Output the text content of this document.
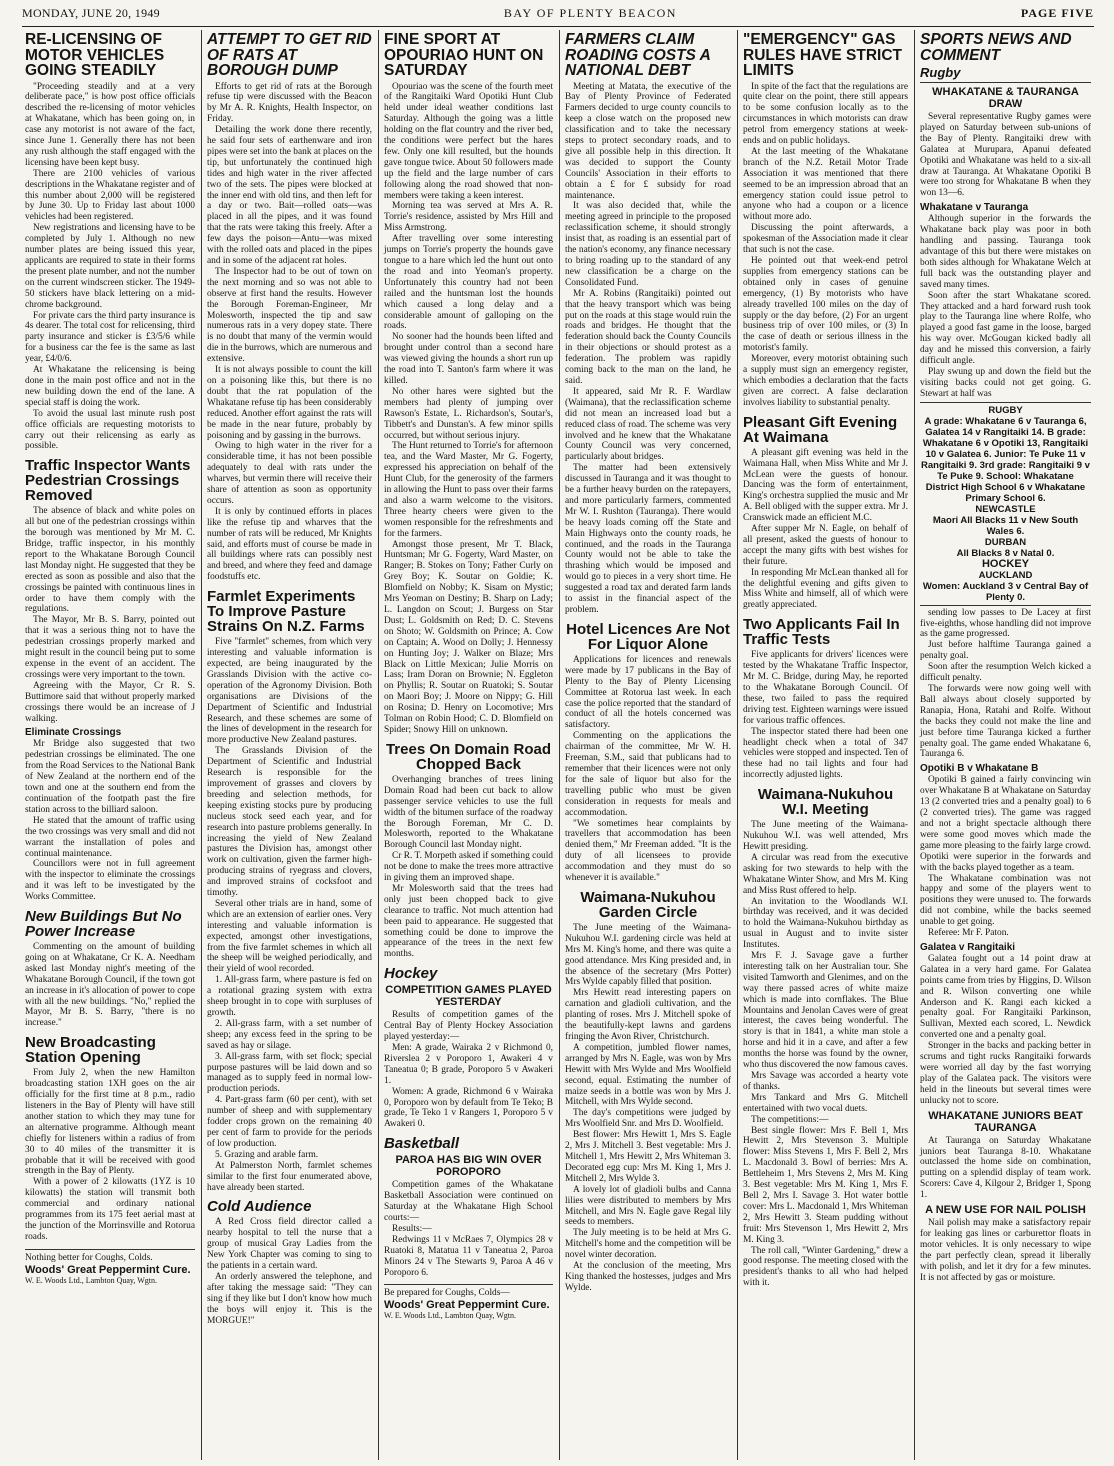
MONDAY, JUNE 20, 1949	BAY OF PLENTY BEACON	PAGE FIVE
RE-LICENSING OF MOTOR VEHICLES GOING STEADILY

"Proceeding steadily and at a very deliberate pace," is how post office officials described the re-licensing of motor vehicles at Whakatane, which has been going on, in case any motorist is not aware of the fact, since June 1. Generally there has not been any rush although the staff engaged with the licensing have been kept busy.

There are 2100 vehicles of various descriptions in the Whakatane register and of this number about 2,000 will be registered by June 30. Up to Friday last about 1000 vehicles had been registered.

New registrations and licensing have to be completed by July 1. Although no new number plates are being issued this year, applicants are required to state in their forms the present plate number, and not the number on the current windscreen sticker. The 1949-50 stickers have black lettering on a mid-chrome background.

For private cars the third party insurance is 4s dearer. The total cost for relicensing, third party insurance and sticker is £3/5/6 while for a business car the fee is the same as last year, £4/0/6.

At Whakatane the relicensing is being done in the main post office and not in the new building down the end of the lane. A special staff is doing the work.

To avoid the usual last minute rush post office officials are requesting motorists to carry out their relicensing as early as possible.

Traffic Inspector Wants Pedestrian Crossings Removed

The absence of black and white poles on all but one of the pedestrian crossings within the borough was mentioned by Mr M. C. Bridge, traffic inspector, in his monthly report to the Whakatane Borough Council last Monday night. He suggested that they be erected as soon as possible and also that the crossings be painted with continuous lines in order to have them comply with the regulations.

The Mayor, Mr B. S. Barry, pointed out that it was a serious thing not to have the pedestrian crossings properly marked and might result in the council being put to some expense in the event of an accident. The crossings were very important to the town.

Agreeing with the Mayor, Cr R. S. Buttimore said that without properly marked crossings there would be an increase of J walking.

Eliminate Crossings

Mr Bridge also suggested that two pedestrian crossings be eliminated. The one from the Road Services to the National Bank of New Zealand at the northern end of the town and one at the southern end from the continuation of the footpath past the fire station across to the billiard saloon.

He stated that the amount of traffic using the two crossings was very small and did not warrant the installation of poles and continual maintenance.

Councillors were not in full agreement with the inspector to eliminate the crossings and it was left to be investigated by the Works Committee.

New Buildings But No Power Increase

Commenting on the amount of building going on at Whakatane, Cr K. A. Needham asked last Monday night's meeting of the Whakatane Borough Council, if the town got an increase in it's allocation of power to cope with all the new buildings. "No," replied the Mayor, Mr B. S. Barry, "there is no increase."

New Broadcasting Station Opening

From July 2, when the new Hamilton broadcasting station 1XH goes on the air officially for the first time at 8 p.m., radio listeners in the Bay of Plenty will have still another station to which they may tune for an alternative programme. Although meant chiefly for listeners within a radius of from 30 to 40 miles of the transmitter it is probable that it will be received with good strength in the Bay of Plenty.

With a power of 2 kilowatts (1YZ is 10 kilowatts) the station will transmit both commercial and ordinary national programmes from its 175 feet aerial mast at the junction of the Morrinsville and Rotorua roads.

Nothing better for Coughs, Colds.
Woods' Great Peppermint Cure.
W. E. Woods Ltd., Lambton Quay, Wgtn.
ATTEMPT TO GET RID OF RATS AT BOROUGH DUMP

Efforts to get rid of rats at the Borough refuse tip were discussed with the Beacon by Mr A. R. Knights, Health Inspector, on Friday.

Detailing the work done there recently, he said four sets of earthenware and iron pipes were set into the bank at places on the tip, but unfortunately the continued high tides and high water in the river affected two of the sets. The pipes were blocked at the inner end with old tins, and then left for a day or two. Bait—rolled oats—was placed in all the pipes, and it was found that the rats were taking this freely. After a few days the poison—Antu—was mixed with the rolled oats and placed in the pipes and in some of the adjacent rat holes.

The Inspector had to be out of town on the next morning and so was not able to observe at first hand the results. However the Borough Foreman-Engineer, Mr Molesworth, inspected the tip and saw numerous rats in a very dopey state. There is no doubt that many of the vermin would die in the burrows, which are numerous and extensive.

It is not always possible to count the kill on a poisoning like this, but there is no doubt that the rat population of the Whakatane refuse tip has been considerably reduced. Another effort against the rats will be made in the near future, probably by poisoning and by gassing in the burrows.

Owing to high water in the river for a considerable time, it has not been possible adequately to deal with rats under the wharves, but vermin there will receive their share of attention as soon as opportunity occurs.

It is only by continued efforts in places like the refuse tip and wharves that the number of rats will be reduced, Mr Knights said, and efforts must of course be made in all buildings where rats can possibly nest and breed, and where they feed and damage foodstuffs etc.

Farmlet Experiments To Improve Pasture Strains On N.Z. Farms

Five "farmlet" schemes, from which very interesting and valuable information is expected, are being inaugurated by the Grasslands Division with the active co-operation of the Agronomy Division. Both organisations are Divisions of the Department of Scientific and Industrial Research, and these schemes are some of the lines of development in the research for more productive New Zealand pastures.

The Grasslands Division of the Department of Scientific and Industrial Research is responsible for the improvement of grasses and clovers by breeding and selection methods, for keeping existing stocks pure by producing nucleus stock seed each year, and for research into pasture problems generally. In increasing the yield of New Zealand pastures the Division has, amongst other work on cultivation, given the farmer high-producing strains of ryegrass and clovers, and improved strains of cocksfoot and timothy.

Several other trials are in hand, some of which are an extension of earlier ones. Very interesting and valuable information is expected, amongst other investigations, from the five farmlet schemes in which all the sheep will be weighed periodically, and their yield of wool recorded.

1. All-grass farm, where pasture is fed on a rotational grazing system with extra sheep brought in to cope with surpluses of growth.

2. All-grass farm, with a set number of sheep; any excess feed in the spring to be saved as hay or silage.

3. All-grass farm, with set flock; special purpose pastures will be laid down and so managed as to supply feed in normal low-production periods.

4. Part-grass farm (60 per cent), with set number of sheep and with supplementary fodder crops grown on the remaining 40 per cent of farm to provide for the periods of low production.

5. Grazing and arable farm.

At Palmerston North, farmlet schemes similar to the first four enumerated above, have already been started.

Cold Audience

A Red Cross field director called a nearby hospital to tell the nurse that a group of musical Gray Ladies from the New York Chapter was coming to sing to the patients in a certain ward.

An orderly answered the telephone, and after taking the message said: "They can sing if they like but I don't know how much the boys will enjoy it. This is the MORGUE!"

FINE SPORT AT OPOURIAO HUNT ON SATURDAY

Opouriao was the scene of the fourth meet of the Rangitaiki Ward Opotiki Hunt Club held under ideal weather conditions last Saturday. Although the going was a little holding on the flat country and the river bed, the conditions were perfect but the hares few. Only one kill resulted, but the hounds gave tongue twice. About 50 followers made up the field and the large number of cars following along the road showed that non-members were taking a keen interest.

Morning tea was served at Mrs A. R. Torrie's residence, assisted by Mrs Hill and Miss Armstrong.

After travelling over some interesting jumps on Torrie's property the hounds gave tongue to a hare which led the hunt out onto the road and into Yeoman's property. Unfortunately this country had not been railed and the huntsman lost the hounds which caused a long delay and a considerable amount of galloping on the roads.

No sooner had the hounds been lifted and brought under control than a second hare was viewed giving the hounds a short run up the road into T. Santon's farm where it was killed.

No other hares were sighted but the members had plenty of jumping over Rawson's Estate, L. Richardson's, Soutar's, Tibbett's and Dunstan's. A few minor spills occurred, but without serious injury.

The Hunt returned to Torrie's for afternoon tea, and the Ward Master, Mr G. Fogerty, expressed his appreciation on behalf of the Hunt Club, for the generosity of the farmers in allowing the Hunt to pass over their farms and also a warm welcome to the visitors. Three hearty cheers were given to the women responsible for the refreshments and for the farmers.

Amongst those present, Mr T. Black, Huntsman; Mr G. Fogerty, Ward Master, on Ranger; B. Stokes on Tony; Father Curly on Grey Boy; K. Soutar on Goldie; K. Blomfield on Nobby; K. Sisam on Mystic; Mrs Yeoman on Destiny; B. Sharp on Lady; L. Langdon on Scout; J. Burgess on Star Dust; L. Goldsmith on Red; D. C. Stevens on Shoto; W. Goldsmith on Prince; A. Cow on Captain; A. Wood on Dolly; J. Hennessy on Hunting Joy; J. Walker on Blaze; Mrs Black on Little Mexican; Julie Morris on Lass; Iram Doran on Brownie; N. Eggleton on Phyllis; R. Soutar on Ruatoki; S. Soutar on Maori Boy; J. Moore on Nippy; G. Hill on Rosina; D. Henry on Locomotive; Mrs Tolman on Robin Hood; C. D. Blomfield on Spider; Snowy Hill on unknown.

Trees On Domain Road Chopped Back

Overhanging branches of trees lining Domain Road had been cut back to allow passenger service vehicles to use the full width of the bitumen surface of the roadway the Borough Foreman, Mr C. D. Molesworth, reported to the Whakatane Borough Council last Monday night.

Cr R. T. Morpeth asked if something could not be done to make the trees more attractive in giving them an improved shape.

Mr Molesworth said that the trees had only just been chopped back to give clearance to traffic. Not much attention had been paid to appearance. He suggested that something could be done to improve the appearance of the trees in the next few months.

Hockey
COMPETITION GAMES PLAYED YESTERDAY

Results of competition games of the Central Bay of Plenty Hockey Association played yesterday:—

Men: A grade, Wairaka 2 v Richmond 0, Riverslea 2 v Poroporo 1, Awakeri 4 v Taneatua 0; B grade, Poroporo 5 v Awakeri 1.

Women: A grade, Richmond 6 v Wairaka 0, Poroporo won by default from Te Teko; B grade, Te Teko 1 v Rangers 1, Poroporo 5 v Awakeri 0.

Basketball
PAROA HAS BIG WIN OVER POROPORO

Competition games of the Whakatane Basketball Association were continued on Saturday at the Whakatane High School courts:—

Results:—

Redwings 11 v McRaes 7, Olympics 28 v Ruatoki 8, Matatua 11 v Taneatua 2, Paroa Minors 24 v The Stewarts 9, Paroa A 46 v Poroporo 6.

Be prepared for Coughs, Colds—
Woods' Great Peppermint Cure.
W. E. Woods Ltd., Lambton Quay, Wgtn.
FARMERS CLAIM ROADING COSTS A NATIONAL DEBT

Meeting at Matata, the executive of the Bay of Plenty Province of Federated Farmers decided to urge county councils to keep a close watch on the proposed new classification and to take the necessary steps to protect secondary roads, and to give all possible help in this direction. It was decided to support the County Councils' Association in their efforts to obtain a £ for £ subsidy for road maintenance.

It was also decided that, while the meeting agreed in principle to the proposed reclassification scheme, it should strongly insist that, as roading is an essential part of the nation's economy, any finance necessary to bring roading up to the standard of any new classification be a charge on the Consolidated Fund.

Mr A. Robins (Rangitaiki) pointed out that the heavy transport which was being put on the roads at this stage would ruin the roads and bridges. He thought that the federation should back the County Councils in their objections or should protest as a federation. The problem was rapidly coming back to the man on the land, he said.

It appeared, said Mr R. F. Wardlaw (Waimana), that the reclassification scheme did not mean an increased load but a reduced class of road. The scheme was very involved and he knew that the Whakatane County Council was very concerned, particularly about bridges.

The matter had been extensively discussed in Tauranga and it was thought to be a further heavy burden on the ratepayers, and more particularly farmers, commented Mr W. I. Rushton (Tauranga). There would be heavy loads coming off the State and Main Highways onto the county roads, he continued, and the roads in the Tauranga County would not be able to take the thrashing which would be imposed and would go to pieces in a very short time. He suggested a road tax and derated farm lands to assist in the financial aspect of the problem.

Hotel Licences Are Not For Liquor Alone

Applications for licences and renewals were made by 17 publicans in the Bay of Plenty to the Bay of Plenty Licensing Committee at Rotorua last week. In each case the police reported that the standard of conduct of all the hotels concerned was satisfactory.

Commenting on the applications the chairman of the committee, Mr W. H. Freeman, S.M., said that publicans had to remember that their licences were not only for the sale of liquor but also for the travelling public who must be given consideration in requests for meals and accommodation.

"We sometimes hear complaints by travellers that accommodation has been denied them," Mr Freeman added. "It is the duty of all licensees to provide accommodation and they must do so whenever it is available."

Waimana-Nukuhou Garden Circle

The June meeting of the Waimana-Nukuhou W.I. gardening circle was held at Mrs M. King's home, and there was quite a good attendance. Mrs King presided and, in the absence of the secretary (Mrs Potter) Mrs Wylde capably filled that position.

Mrs Hewitt read interesting papers on carnation and gladioli cultivation, and the planting of roses. Mrs J. Mitchell spoke of the beautifully-kept lawns and gardens fringing the Avon River, Christchurch.

A competition, jumbled flower names, arranged by Mrs N. Eagle, was won by Mrs Hewitt with Mrs Wylde and Mrs Woolfield second, equal. Estimating the number of maize seeds in a bottle was won by Mrs J. Mitchell, with Mrs Wylde second.

The day's competitions were judged by Mrs Woolfield Snr. and Mrs D. Woolfield.

Best flower: Mrs Hewitt 1, Mrs S. Eagle 2, Mrs J. Mitchell 3. Best vegetable: Mrs J. Mitchell 1, Mrs Hewitt 2, Mrs Whiteman 3. Decorated egg cup: Mrs M. King 1, Mrs J. Mitchell 2, Mrs Wylde 3.

A lovely lot of gladioli bulbs and Canna lilies were distributed to members by Mrs Mitchell, and Mrs N. Eagle gave Regal lily seeds to members.

The July meeting is to be held at Mrs G. Mitchell's home and the competition will be novel winter decoration.

At the conclusion of the meeting, Mrs King thanked the hostesses, judges and Mrs Wylde.

"EMERGENCY" GAS RULES HAVE STRICT LIMITS

In spite of the fact that the regulations are quite clear on the point, there still appears to be some confusion locally as to the circumstances in which motorists can draw petrol from emergency stations at week-ends and on public holidays.

At the last meeting of the Whakatane branch of the N.Z. Retail Motor Trade Association it was mentioned that there seemed to be an impression abroad that an emergency station could issue petrol to anyone who had a coupon or a licence without more ado.

Discussing the point afterwards, a spokesman of the Association made it clear that such is not the case.

He pointed out that week-end petrol supplies from emergency stations can be obtained only in cases of genuine emergency, (1) By motorists who have already travelled 100 miles on the day of supply or the day before, (2) For an urgent business trip of over 100 miles, or (3) In the case of death or serious illness in the motorist's family.

Moreover, every motorist obtaining such a supply must sign an emergency register, which embodies a declaration that the facts given are correct. A false declaration involves liability to substantial penalty.

Pleasant Gift Evening At Waimana

A pleasant gift evening was held in the Waimana Hall, when Miss White and Mr J. McLean were the guests of honour. Dancing was the form of entertainment, King's orchestra supplied the music and Mr A. Bell obliged with the supper extra. Mr J. Cranswick made an efficient M.C.

After supper Mr N. Eagle, on behalf of all present, asked the guests of honour to accept the many gifts with best wishes for their future.

In responding Mr McLean thanked all for the delightful evening and gifts given to Miss White and himself, all of which were greatly appreciated.

Two Applicants Fail In Traffic Tests

Five applicants for drivers' licences were tested by the Whakatane Traffic Inspector, Mr M. C. Bridge, during May, he reported to the Whakatane Borough Council. Of these, two failed to pass the required driving test. Eighteen warnings were issued for various traffic offences.

The inspector stated there had been one headlight check when a total of 347 vehicles were stopped and inspected. Ten of these had no tail lights and four had incorrectly adjusted lights.

Waimana-Nukuhou W.I. Meeting

The June meeting of the Waimana-Nukuhou W.I. was well attended, Mrs Hewitt presiding.

A circular was read from the executive asking for two stewards to help with the Whakatane Winter Show, and Mrs M. King and Miss Rust offered to help.

An invitation to the Woodlands W.I. birthday was received, and it was decided to hold the Waimana-Nukuhou birthday as usual in August and to invite sister Institutes.

Mrs F. J. Savage gave a further interesting talk on her Australian tour. She visited Tamworth and Glenimes, and on the way there passed acres of white maize which is made into cornflakes. The Blue Mountains and Jenolan Caves were of great interest, the caves being wonderful. The story is that in 1841, a white man stole a horse and hid it in a cave, and after a few months the horse was found by the owner, who thus discovered the now famous caves.

Mrs Savage was accorded a hearty vote of thanks.

Mrs Tankard and Mrs G. Mitchell entertained with two vocal duets.

The competitions:—

Best single flower: Mrs F. Bell 1, Mrs Hewitt 2, Mrs Stevenson 3. Multiple flower: Miss Stevens 1, Mrs F. Bell 2, Mrs L. Macdonald 3. Bowl of berries: Mrs A. Bettleheim 1, Mrs Stevens 2, Mrs M. King 3. Best vegetable: Mrs M. King 1, Mrs F. Bell 2, Mrs I. Savage 3. Hot water bottle cover: Mrs L. Macdonald 1, Mrs Whiteman 2, Mrs Hewitt 3. Steam pudding without fruit: Mrs Stevenson 1, Mrs Hewitt 2, Mrs M. King 3.

The roll call, "Winter Gardening," drew a good response. The meeting closed with the president's thanks to all who had helped with it.

SPORTS NEWS AND COMMENT
Rugby
WHAKATANE & TAURANGA DRAW

Several representative Rugby games were played on Saturday between sub-unions of the Bay of Plenty. Rangitaiki drew with Galatea at Murupara, Apanui defeated Opotiki and Whakatane was held to a six-all draw at Tauranga. At Whakatane Opotiki B were too strong for Whakatane B when they won 13—6.

Whakatane v Tauranga

Although superior in the forwards the Whakatane back play was poor in both handling and passing. Tauranga took advantage of this but there were mistakes on both sides although for Whakatane Welch at full back was the outstanding player and saved many times.

Soon after the start Whakatane scored. They attacked and a hard forward rush took play to the Tauranga line where Rolfe, who played a good fast game in the loose, barged his way over. McGougan kicked badly all day and he missed this conversion, a fairly difficult angle.

Play swung up and down the field but the visiting backs could not get going. G. Stewart at half was

RUGBY
A grade: Whakatane 6 v Tauranga 6, Galatea 14 v Rangitaiki 14. B grade: Whakatane 6 v Opotiki 13, Rangitaiki 10 v Galatea 6. Junior: Te Puke 11 v Rangitaiki 9. 3rd grade: Rangitaiki 9 v Te Puke 9. School: Whakatane District High School 6 v Whakatane Primary School 6.
NEWCASTLE
Maori All Blacks 11 v New South Wales 6.
DURBAN
All Blacks 8 v Natal 0.
HOCKEY
AUCKLAND
Women: Auckland 3 v Central Bay of Plenty 0.

sending low passes to De Lacey at first five-eighths, whose handling did not improve as the game progressed.

Just before halftime Tauranga gained a penalty goal.

Soon after the resumption Welch kicked a difficult penalty.

The forwards were now going well with Ball always about closely supported by Ranapia, Hona, Ratahi and Rolfe. Without the backs they could not make the line and just before time Tauranga kicked a further penalty goal. The game ended Whakatane 6, Tauranga 6.

Opotiki B v Whakatane B

Opotiki B gained a fairly convincing win over Whakatane B at Whakatane on Saturday 13 (2 converted tries and a penalty goal) to 6 (2 converted tries). The game was ragged and not a bright spectacle although there were some good moves which made the game more pleasing to the fairly large crowd. Opotiki were superior in the forwards and with the backs played together as a team.

The Whakatane combination was not happy and some of the players went to positions they were unused to. The forwards did not combine, while the backs seemed unable to get going.

Referee: Mr F. Paton.

Galatea v Rangitaiki

Galatea fought out a 14 point draw at Galatea in a very hard game. For Galatea points came from tries by Higgins, D. Wilson and R. Wilson converting one while Anderson and K. Rangi each kicked a penalty goal. For Rangitaiki Parkinson, Sullivan, Mexted each scored, L. Newdick converted one and a penalty goal.

Stronger in the backs and packing better in scrums and tight rucks Rangitaiki forwards were worried all day by the fast worrying play of the Galatea pack. The visitors were held in the lineouts but several times were unlucky not to score.

WHAKATANE JUNIORS BEAT TAURANGA

At Tauranga on Saturday Whakatane juniors beat Tauranga 8-10. Whakatane outclassed the home side on combination, putting on a splendid display of team work. Scorers: Cave 4, Kilgour 2, Bridger 1, Spong 1.

A NEW USE FOR NAIL POLISH

Nail polish may make a satisfactory repair for leaking gas lines or carburettor floats in motor vehicles. It is only necessary to wipe the part perfectly clean, spread it liberally with polish, and let it dry for a few minutes. It is not affected by gas or moisture.
